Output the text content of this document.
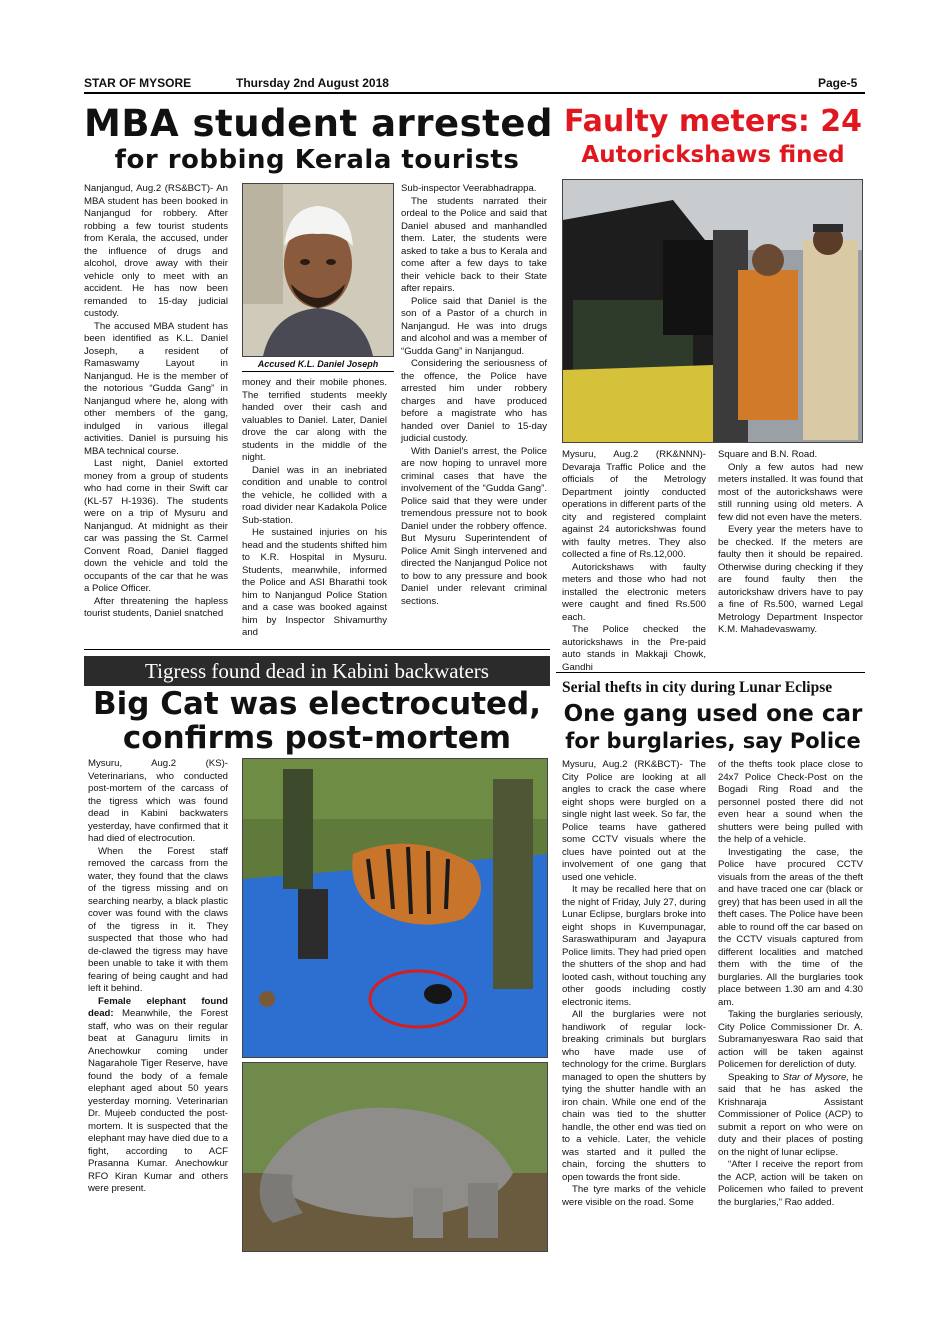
STAR OF MYSORE	Thursday 2nd August 2018	Page-5
MBA student arrested
for robbing Kerala tourists

Nanjangud, Aug.2 (RS&BCT)- An MBA student has been booked in Nanjangud for robbery. After robbing a few tourist students from Kerala, the accused, under the influence of drugs and alcohol, drove away with their vehicle only to meet with an accident. He has now been remanded to 15-day judicial custody.

The accused MBA student has been identified as K.L. Daniel Joseph, a resident of Ramaswamy Layout in Nanjangud. He is the member of the notorious “Gudda Gang” in Nanjangud where he, along with other members of the gang, indulged in various illegal activities. Daniel is pursuing his MBA technical course.

Last night, Daniel extorted money from a group of students who had come in their Swift car (KL-57 H-1936). The students were on a trip of Mysuru and Nanjangud. At midnight as their car was passing the St. Carmel Convent Road, Daniel flagged down the vehicle and told the occupants of the car that he was a Police Officer.

After threatening the hapless tourist students, Daniel snatched

Accused K.L. Daniel Joseph

money and their mobile phones. The terrified students meekly handed over their cash and valuables to Daniel. Later, Daniel drove the car along with the students in the middle of the night.

Daniel was in an inebriated condition and unable to control the vehicle, he collided with a road divider near Kadakola Police Sub-station.

He sustained injuries on his head and the students shifted him to K.R. Hospital in Mysuru. Students, meanwhile, informed the Police and ASI Bharathi took him to Nanjangud Police Station and a case was booked against him by Inspector Shivamurthy and

Sub-inspector Veerabhadrappa.

The students narrated their ordeal to the Police and said that Daniel abused and manhandled them. Later, the students were asked to take a bus to Kerala and come after a few days to take their vehicle back to their State after repairs.

Police said that Daniel is the son of a Pastor of a church in Nanjangud. He was into drugs and alcohol and was a member of “Gudda Gang” in Nanjangud.

Considering the seriousness of the offence, the Police have arrested him under robbery charges and have produced before a magistrate who has handed over Daniel to 15-day judicial custody.

With Daniel’s arrest, the Police are now hoping to unravel more criminal cases that have the involvement of the “Gudda Gang”. Police said that they were under tremendous pressure not to book Daniel under the robbery offence. But Mysuru Superintendent of Police Amit Singh intervened and directed the Nanjangud Police not to bow to any pressure and book Daniel under relevant criminal sections.

Faulty meters: 24
Autorickshaws fined

Mysuru, Aug.2 (RK&NNN)- Devaraja Traffic Police and the officials of the Metrology Department jointly conducted operations in different parts of the city and registered complaint against 24 autorickshwas found with faulty metres. They also collected a fine of Rs.12,000.

Autorickshaws with faulty meters and those who had not installed the electronic meters were caught and fined Rs.500 each.

The Police checked the autorickshaws in the Pre-paid auto stands in Makkaji Chowk, Gandhi

Square and B.N. Road.

Only a few autos had new meters installed. It was found that most of the autorickshaws were still running using old meters. A few did not even have the meters.

Every year the meters have to be checked. If the meters are faulty then it should be repaired. Otherwise during checking if they are found faulty then the autorickshaw drivers have to pay a fine of Rs.500, warned Legal Metrology Department Inspector K.M. Mahadevaswamy.

Tigress found dead in Kabini backwaters
Big Cat was electrocuted,
confirms post-mortem

Mysuru, Aug.2 (KS)- Veterinarians, who conducted post-mortem of the carcass of the tigress which was found dead in Kabini backwaters yesterday, have confirmed that it had died of electrocution.

When the Forest staff removed the carcass from the water, they found that the claws of the tigress missing and on searching nearby, a black plastic cover was found with the claws of the tigress in it. They suspected that those who had de-clawed the tigress may have been unable to take it with them fearing of being caught and had left it behind.

Female elephant found dead: Meanwhile, the Forest staff, who was on their regular beat at Ganaguru limits in Anechowkur coming under Nagarahole Tiger Reserve, have found the body of a female elephant aged about 50 years yesterday morning. Veterinarian Dr. Mujeeb conducted the post-mortem. It is suspected that the elephant may have died due to a fight, according to ACF Prasanna Kumar. Anechowkur RFO Kiran Kumar and others were present.

Serial thefts in city during Lunar Eclipse
One gang used one car
for burglaries, say Police

Mysuru, Aug.2 (RK&BCT)- The City Police are looking at all angles to crack the case where eight shops were burgled on a single night last week. So far, the Police teams have gathered some CCTV visuals where the clues have pointed out at the involvement of one gang that used one vehicle.

It may be recalled here that on the night of Friday, July 27, during Lunar Eclipse, burglars broke into eight shops in Kuvempunagar, Saraswathipuram and Jayapura Police limits. They had pried open the shutters of the shop and had looted cash, without touching any other goods including costly electronic items.

All the burglaries were not handiwork of regular lock-breaking criminals but burglars who have made use of technology for the crime. Burglars managed to open the shutters by tying the shutter handle with an iron chain. While one end of the chain was tied to the shutter handle, the other end was tied on to a vehicle. Later, the vehicle was started and it pulled the chain, forcing the shutters to open towards the front side.

The tyre marks of the vehicle were visible on the road. Some

of the thefts took place close to 24x7 Police Check-Post on the Bogadi Ring Road and the personnel posted there did not even hear a sound when the shutters were being pulled with the help of a vehicle.

Investigating the case, the Police have procured CCTV visuals from the areas of the theft and have traced one car (black or grey) that has been used in all the theft cases. The Police have been able to round off the car based on the CCTV visuals captured from different localities and matched them with the time of the burglaries. All the burglaries took place between 1.30 am and 4.30 am.

Taking the burglaries seriously, City Police Commissioner Dr. A. Subramanyeswara Rao said that action will be taken against Policemen for dereliction of duty.

Speaking to Star of Mysore, he said that he has asked the Krishnaraja Assistant Commissioner of Police (ACP) to submit a report on who were on duty and their places of posting on the night of lunar eclipse.

“After I receive the report from the ACP, action will be taken on Policemen who failed to prevent the burglaries,” Rao added.
